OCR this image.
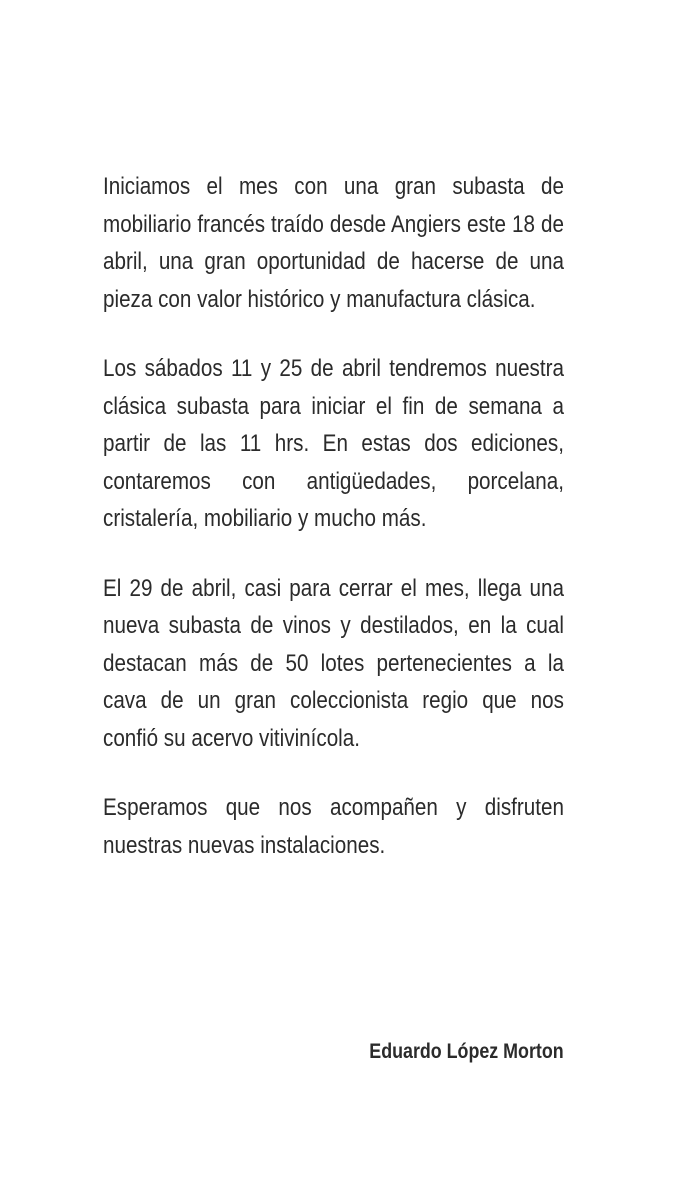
Iniciamos el mes con una gran subasta de mobiliario francés traído desde Angiers este 18 de abril, una gran oportunidad de hacerse de una pieza con valor histórico y manufactura clásica.

Los sábados 11 y 25 de abril tendremos nuestra clásica subasta para iniciar el fin de semana a partir de las 11 hrs. En estas dos ediciones, contaremos con antigüedades, porcelana, cristalería, mobiliario y mucho más.

El 29 de abril, casi para cerrar el mes, llega una nueva subasta de vinos y destilados, en la cual destacan más de 50 lotes pertenecientes a la cava de un gran coleccionista regio que nos confió su acervo vitivinícola.

Esperamos que nos acompañen y disfruten nuestras nuevas instalaciones.

Eduardo López Morton
